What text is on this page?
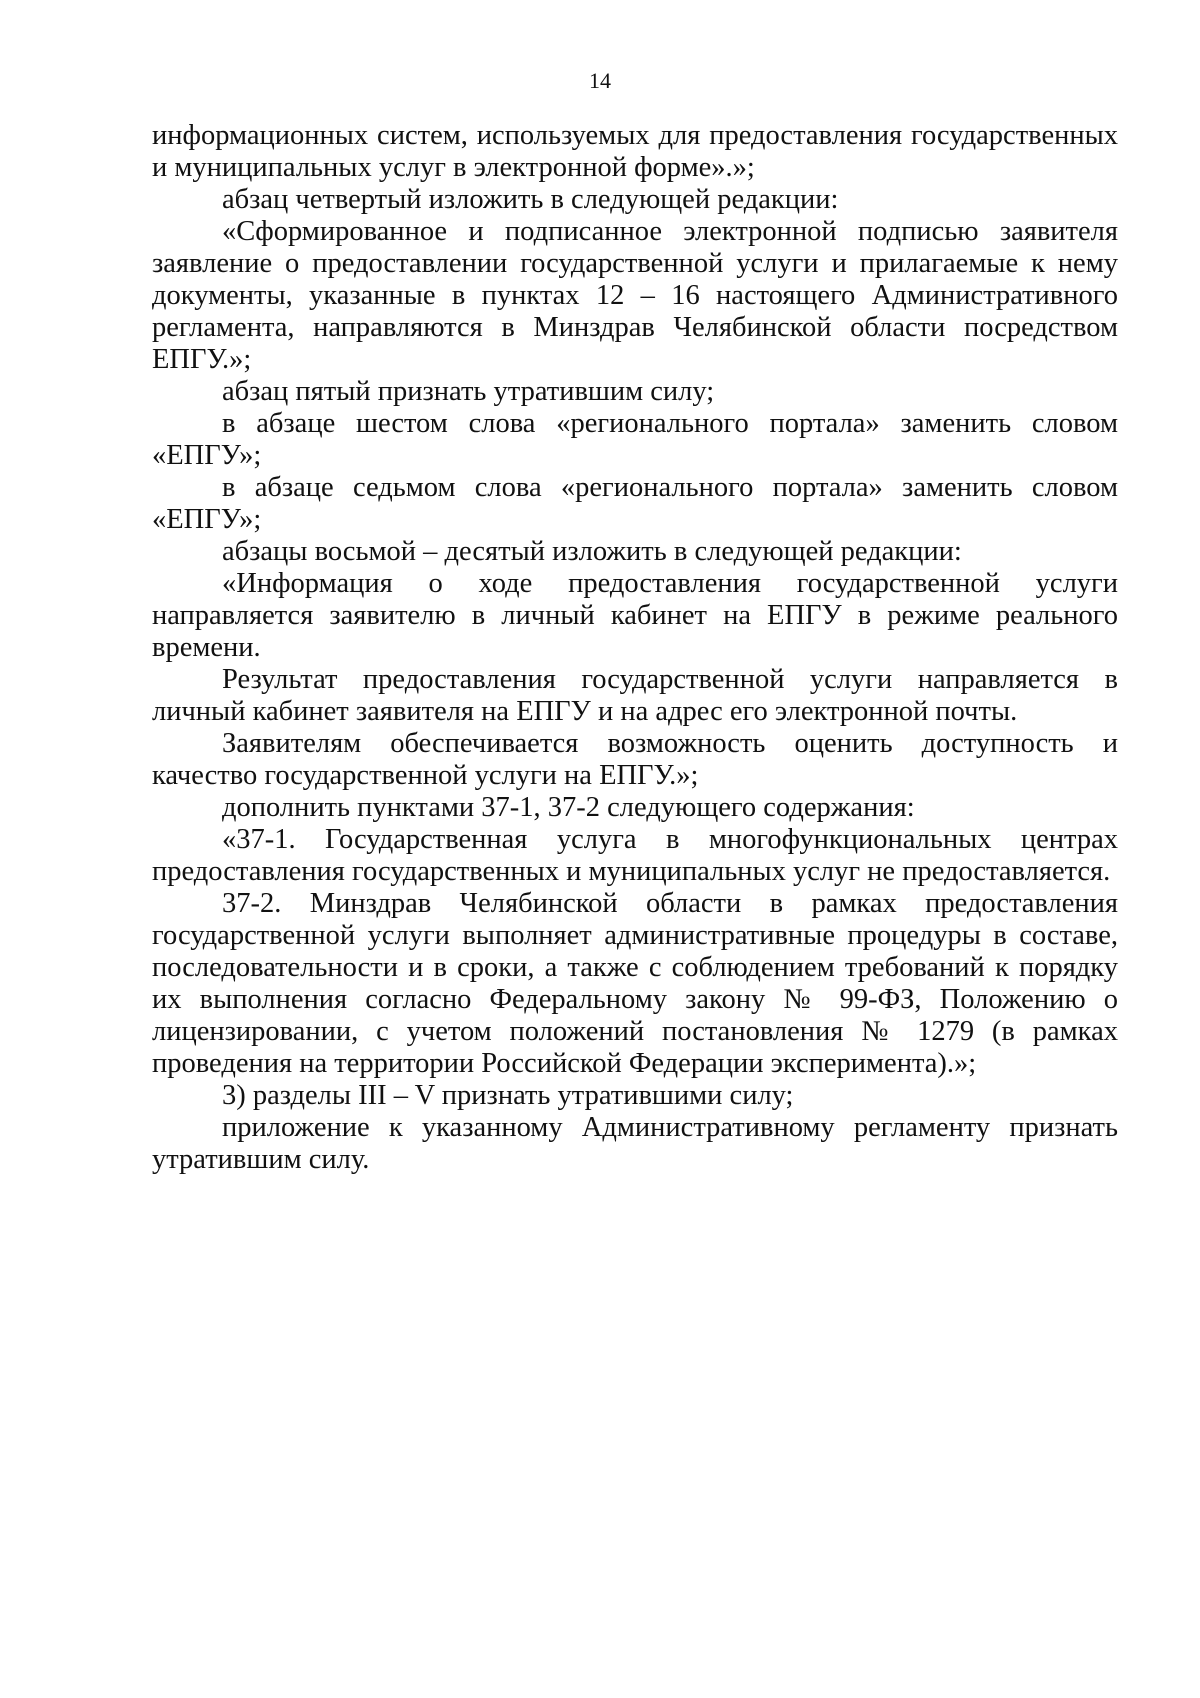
14

информационных систем, используемых для предоставления государственных и муниципальных услуг в электронной форме».»;

абзац четвертый изложить в следующей редакции:

«Сформированное и подписанное электронной подписью заявителя заявление о предоставлении государственной услуги и прилагаемые к нему документы, указанные в пунктах 12 – 16 настоящего Административного регламента, направляются в Минздрав Челябинской области посредством ЕПГУ.»;

абзац пятый признать утратившим силу;

в абзаце шестом слова «регионального портала» заменить словом «ЕПГУ»;

в абзаце седьмом слова «регионального портала» заменить словом «ЕПГУ»;

абзацы восьмой – десятый изложить в следующей редакции:

«Информация о ходе предоставления государственной услуги направляется заявителю в личный кабинет на ЕПГУ в режиме реального времени.

Результат предоставления государственной услуги направляется в личный кабинет заявителя на ЕПГУ и на адрес его электронной почты.

Заявителям обеспечивается возможность оценить доступность и качество государственной услуги на ЕПГУ.»;

дополнить пунктами 37-1, 37-2 следующего содержания:

«37-1. Государственная услуга в многофункциональных центрах предоставления государственных и муниципальных услуг не предоставляется.

37-2. Минздрав Челябинской области в рамках предоставления государственной услуги выполняет административные процедуры в составе, последовательности и в сроки, а также с соблюдением требований к порядку их выполнения согласно Федеральному закону № 99-ФЗ, Положению о лицензировании, с учетом положений постановления № 1279 (в рамках проведения на территории Российской Федерации эксперимента).»;

3) разделы III – V признать утратившими силу;

приложение к указанному Административному регламенту признать утратившим силу.
